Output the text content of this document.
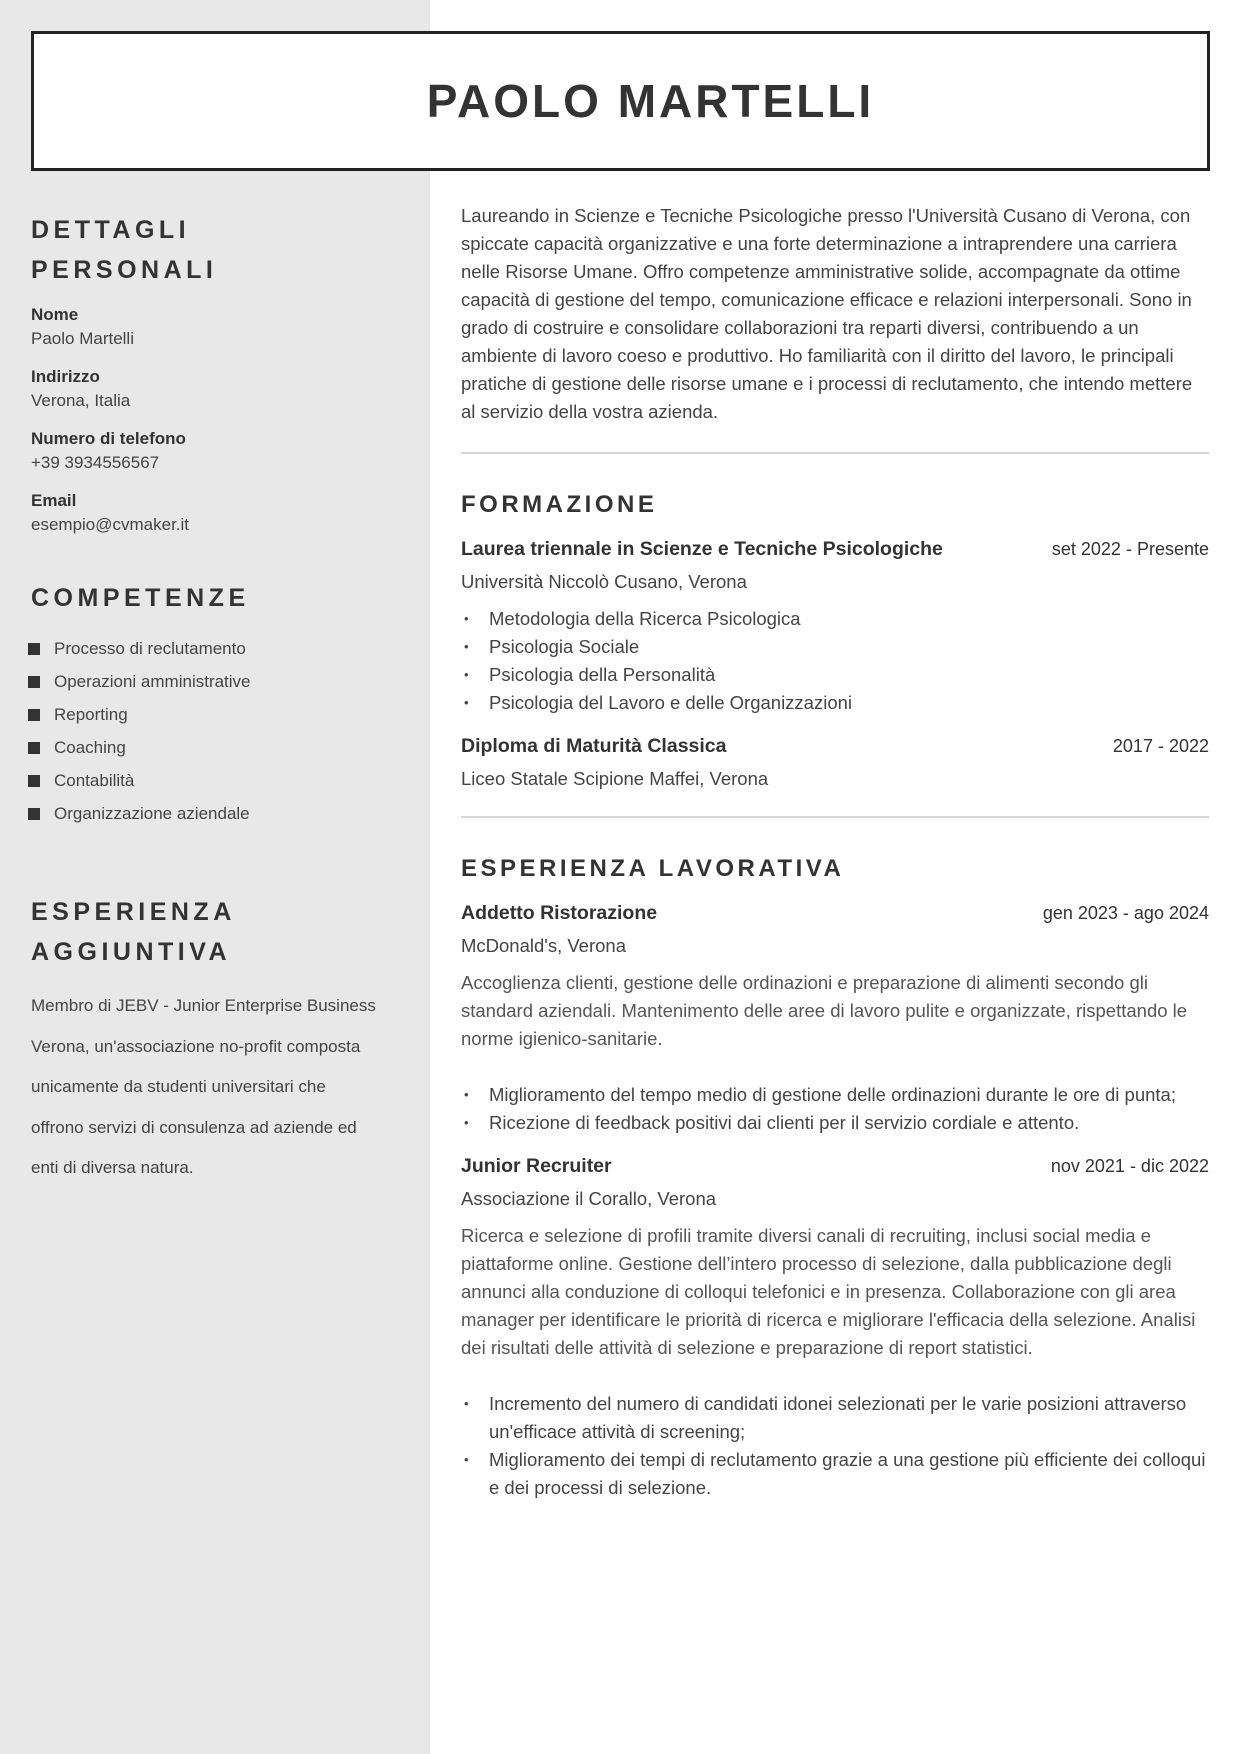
PAOLO MARTELLI
DETTAGLI PERSONALI
Nome
Paolo Martelli
Indirizzo
Verona, Italia
Numero di telefono
+39 3934556567
Email
esempio@cvmaker.it
COMPETENZE
Processo di reclutamento
Operazioni amministrative
Reporting
Coaching
Contabilità
Organizzazione aziendale
ESPERIENZA
AGGIUNTIVA

Membro di JEBV - Junior Enterprise Business Verona, un'associazione no-profit composta unicamente da studenti universitari che offrono servizi di consulenza ad aziende ed enti di diversa natura.

Laureando in Scienze e Tecniche Psicologiche presso l'Università Cusano di Verona, con spiccate capacità organizzative e una forte determinazione a intraprendere una carriera nelle Risorse Umane. Offro competenze amministrative solide, accompagnate da ottime capacità di gestione del tempo, comunicazione efficace e relazioni interpersonali. Sono in grado di costruire e consolidare collaborazioni tra reparti diversi, contribuendo a un ambiente di lavoro coeso e produttivo. Ho familiarità con il diritto del lavoro, le principali pratiche di gestione delle risorse umane e i processi di reclutamento, che intendo mettere al servizio della vostra azienda.

FORMAZIONE
Laurea triennale in Scienze e Tecniche Psicologiche	set 2022 - Presente
Università Niccolò Cusano, Verona
• Metodologia della Ricerca Psicologica
• Psicologia Sociale
• Psicologia della Personalità
• Psicologia del Lavoro e delle Organizzazioni
Diploma di Maturità Classica	2017 - 2022
Liceo Statale Scipione Maffei, Verona
ESPERIENZA LAVORATIVA
Addetto Ristorazione	gen 2023 - ago 2024
McDonald's, Verona

Accoglienza clienti, gestione delle ordinazioni e preparazione di alimenti secondo gli standard aziendali. Mantenimento delle aree di lavoro pulite e organizzate, rispettando le norme igienico-sanitarie.

• Miglioramento del tempo medio di gestione delle ordinazioni durante le ore di punta;
• Ricezione di feedback positivi dai clienti per il servizio cordiale e attento.
Junior Recruiter	nov 2021 - dic 2022
Associazione il Corallo, Verona

Ricerca e selezione di profili tramite diversi canali di recruiting, inclusi social media e piattaforme online. Gestione dell’intero processo di selezione, dalla pubblicazione degli annunci alla conduzione di colloqui telefonici e in presenza. Collaborazione con gli area manager per identificare le priorità di ricerca e migliorare l'efficacia della selezione. Analisi dei risultati delle attività di selezione e preparazione di report statistici.

• Incremento del numero di candidati idonei selezionati per le varie posizioni attraverso un'efficace attività di screening;
• Miglioramento dei tempi di reclutamento grazie a una gestione più efficiente dei colloqui e dei processi di selezione.
